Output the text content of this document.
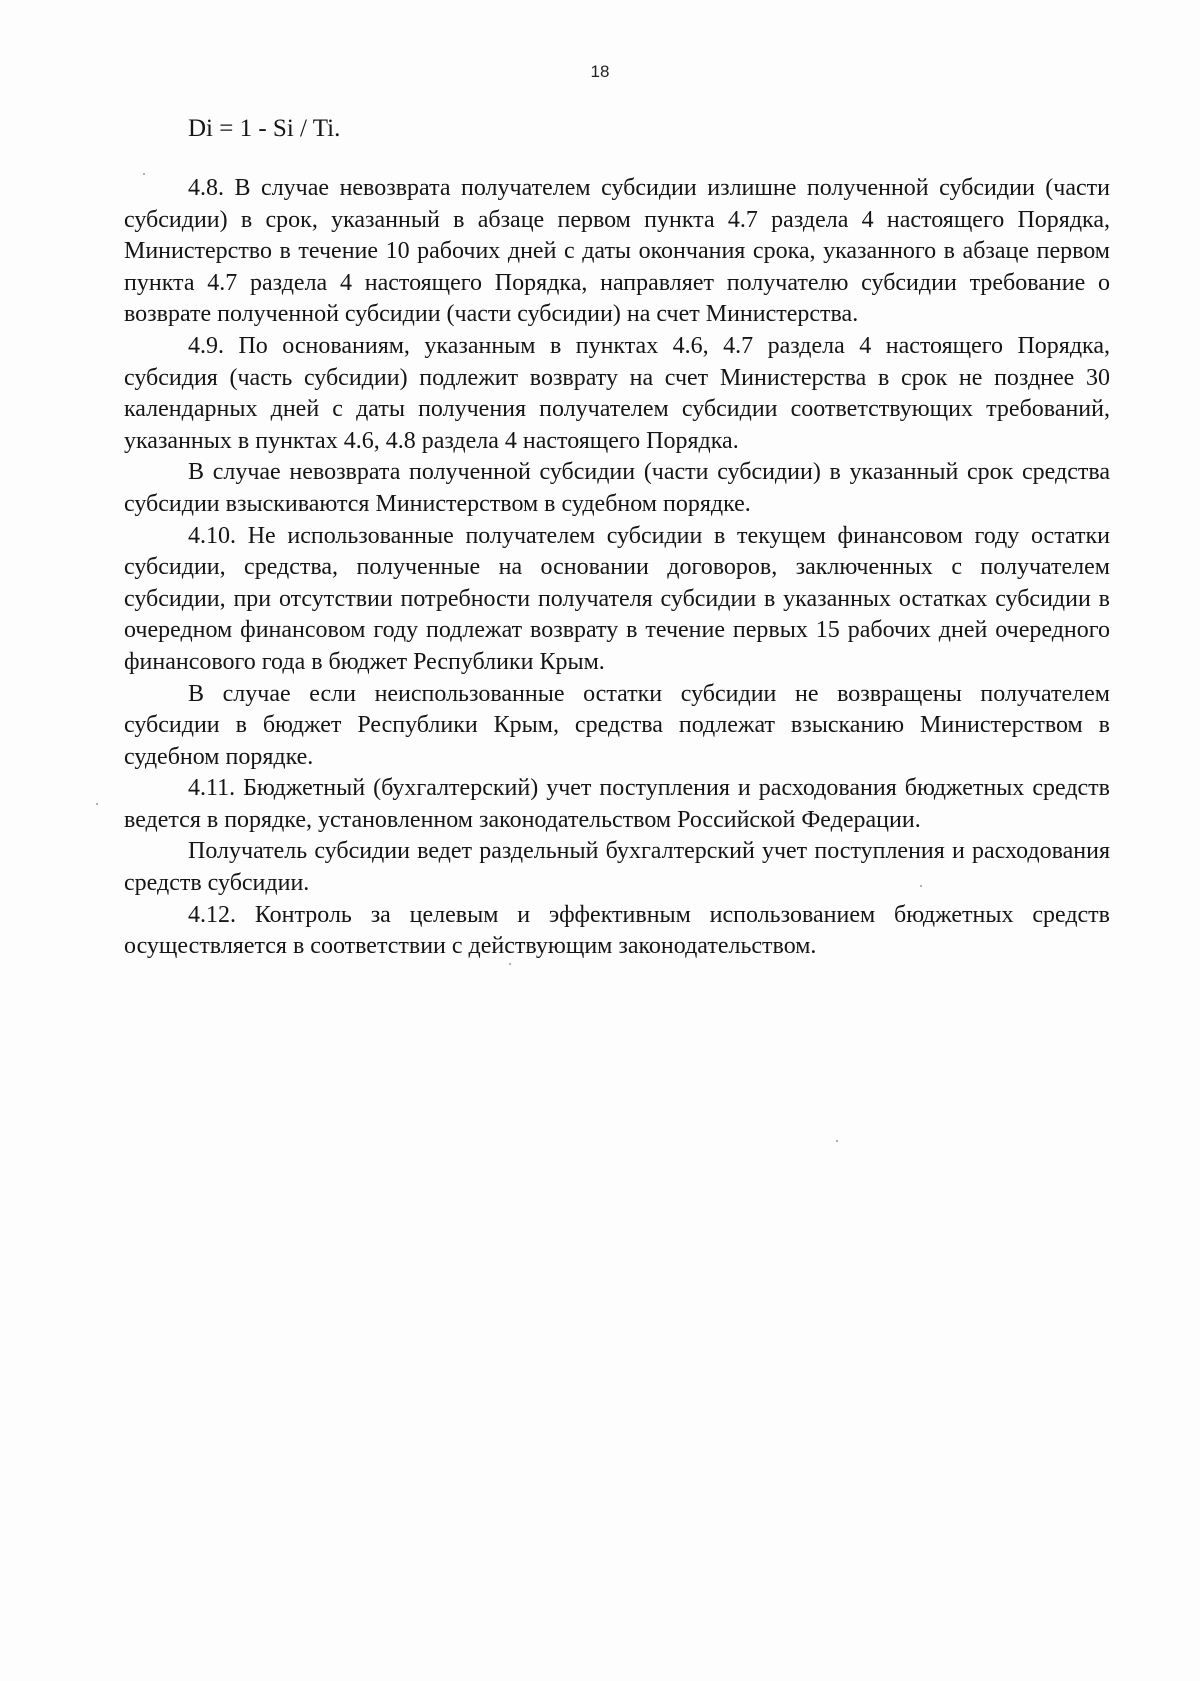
18
Di = 1 - Si / Ti.

4.8. В случае невозврата получателем субсидии излишне полученной субсидии (части субсидии) в срок, указанный в абзаце первом пункта 4.7 раздела 4 настоящего Порядка, Министерство в течение 10 рабочих дней с даты окончания срока, указанного в абзаце первом пункта 4.7 раздела 4 настоящего Порядка, направляет получателю субсидии требование о возврате полученной субсидии (части субсидии) на счет Министерства.

4.9. По основаниям, указанным в пунктах 4.6, 4.7 раздела 4 настоящего Порядка, субсидия (часть субсидии) подлежит возврату на счет Министерства в срок не позднее 30 календарных дней с даты получения получателем субсидии соответствующих требований, указанных в пунктах 4.6, 4.8 раздела 4 настоящего Порядка.

В случае невозврата полученной субсидии (части субсидии) в указанный срок средства субсидии взыскиваются Министерством в судебном порядке.

4.10. Не использованные получателем субсидии в текущем финансовом году остатки субсидии, средства, полученные на основании договоров, заключенных с получателем субсидии, при отсутствии потребности получателя субсидии в указанных остатках субсидии в очередном финансовом году подлежат возврату в течение первых 15 рабочих дней очередного финансового года в бюджет Республики Крым.

В случае если неиспользованные остатки субсидии не возвращены получателем субсидии в бюджет Республики Крым, средства подлежат взысканию Министерством в судебном порядке.

4.11. Бюджетный (бухгалтерский) учет поступления и расходования бюджетных средств ведется в порядке, установленном законодательством Российской Федерации.

Получатель субсидии ведет раздельный бухгалтерский учет поступления и расходования средств субсидии.

4.12. Контроль за целевым и эффективным использованием бюджетных средств осуществляется в соответствии с действующим законодательством.
